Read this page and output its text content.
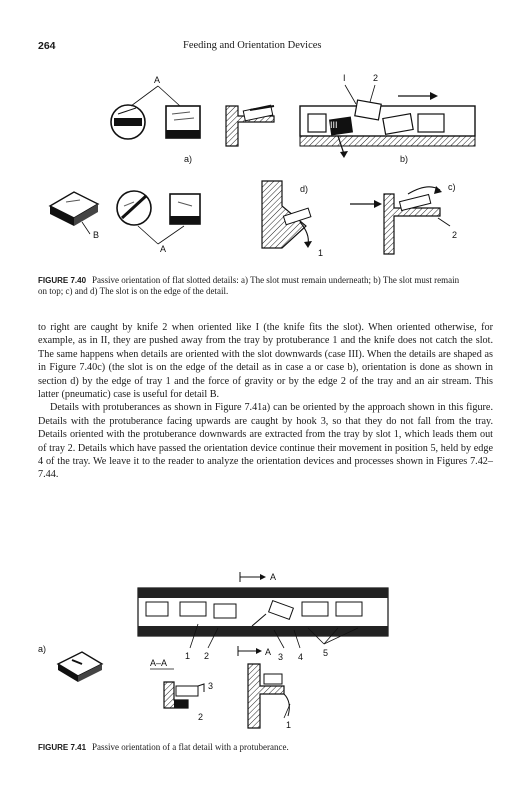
264	Feeding and Orientation Devices
A
a)
III
I	2
b)
B
A
d)
1
c)
2
FIGURE 7.40 Passive orientation of flat slotted details: a) The slot must remain underneath; b) The slot must remain on top; c) and d) The slot is on the edge of the detail.

to right are caught by knife 2 when oriented like I (the knife fits the slot). When oriented otherwise, for example, as in II, they are pushed away from the tray by protuberance 1 and the knife does not catch the slot. The same happens when details are oriented with the slot downwards (case III). When the details are shaped as in Figure 7.40c) (the slot is on the edge of the detail as in case a or case b), orientation is done as shown in section d) by the edge of tray 1 and the force of gravity or by the edge 2 of the tray and an air stream. This latter (pneumatic) case is useful for detail B.

Details with protuberances as shown in Figure 7.41a) can be oriented by the approach shown in this figure. Details with the protuberance facing upwards are caught by hook 3, so that they do not fall from the tray. Details oriented with the protuberance downwards are extracted from the tray by slot 1, which leads them out of tray 2. Details which have passed the orientation device continue their movement in position 5, held by edge 4 of the tray. We leave it to the reader to analyze the orientation devices and processes shown in Figures 7.42–7.44.

A
1 2	A 3 4 5
a)
A–A
3
2
1
FIGURE 7.41 Passive orientation of a flat detail with a protuberance.
